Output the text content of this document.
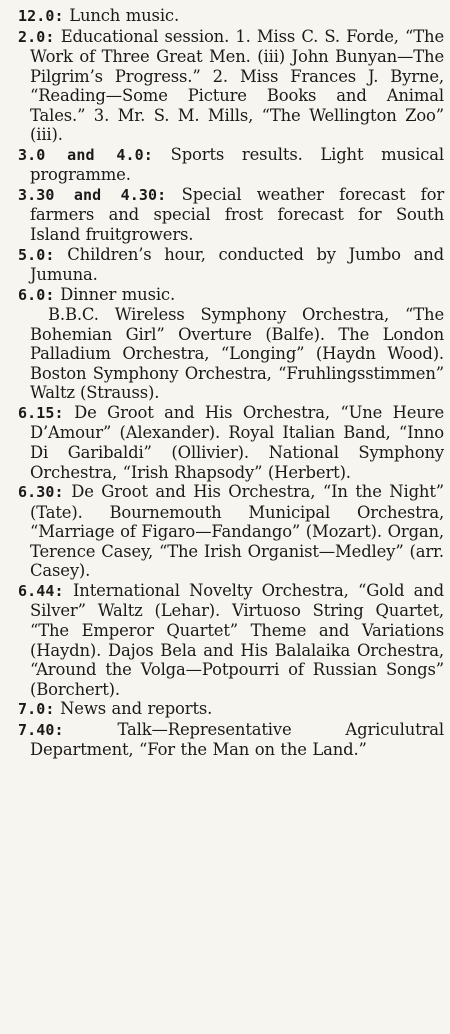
12.0: Lunch music.

2.0: Educational session. 1. Miss C. S. Forde, “The Work of Three Great Men. (iii) John Bunyan—The Pilgrim’s Progress.” 2. Miss Frances J. Byrne, “Reading—Some Picture Books and Animal Tales.” 3. Mr. S. M. Mills, “The Wellington Zoo” (iii).

3.0 and 4.0: Sports results. Light musical programme.

3.30 and 4.30: Special weather forecast for farmers and special frost forecast for South Island fruitgrowers.

5.0: Children’s hour, conducted by Jumbo and Jumuna.

6.0: Dinner music.

B.B.C. Wireless Symphony Orchestra, “The Bohemian Girl” Overture (Balfe). The London Palladium Orchestra, “Longing” (Haydn Wood). Boston Symphony Orchestra, “Fruhlingsstimmen” Waltz (Strauss).

6.15: De Groot and His Orchestra, “Une Heure D’Amour” (Alexander). Royal Italian Band, “Inno Di Garibaldi” (Ollivier). National Symphony Orchestra, “Irish Rhapsody” (Herbert).

6.30: De Groot and His Orchestra, “In the Night” (Tate). Bournemouth Municipal Orchestra, “Marriage of Figaro—Fandango” (Mozart). Organ, Terence Casey, “The Irish Organist—Medley” (arr. Casey).

6.44: International Novelty Orchestra, “Gold and Silver” Waltz (Lehar). Virtuoso String Quartet, “The Emperor Quartet” Theme and Variations (Haydn). Dajos Bela and His Balalaika Orchestra, “Around the Volga—Potpourri of Russian Songs” (Borchert).

7.0: News and reports.

7.40:	Talk—Representative Agriculutral Department, “For the Man on the Land.”
